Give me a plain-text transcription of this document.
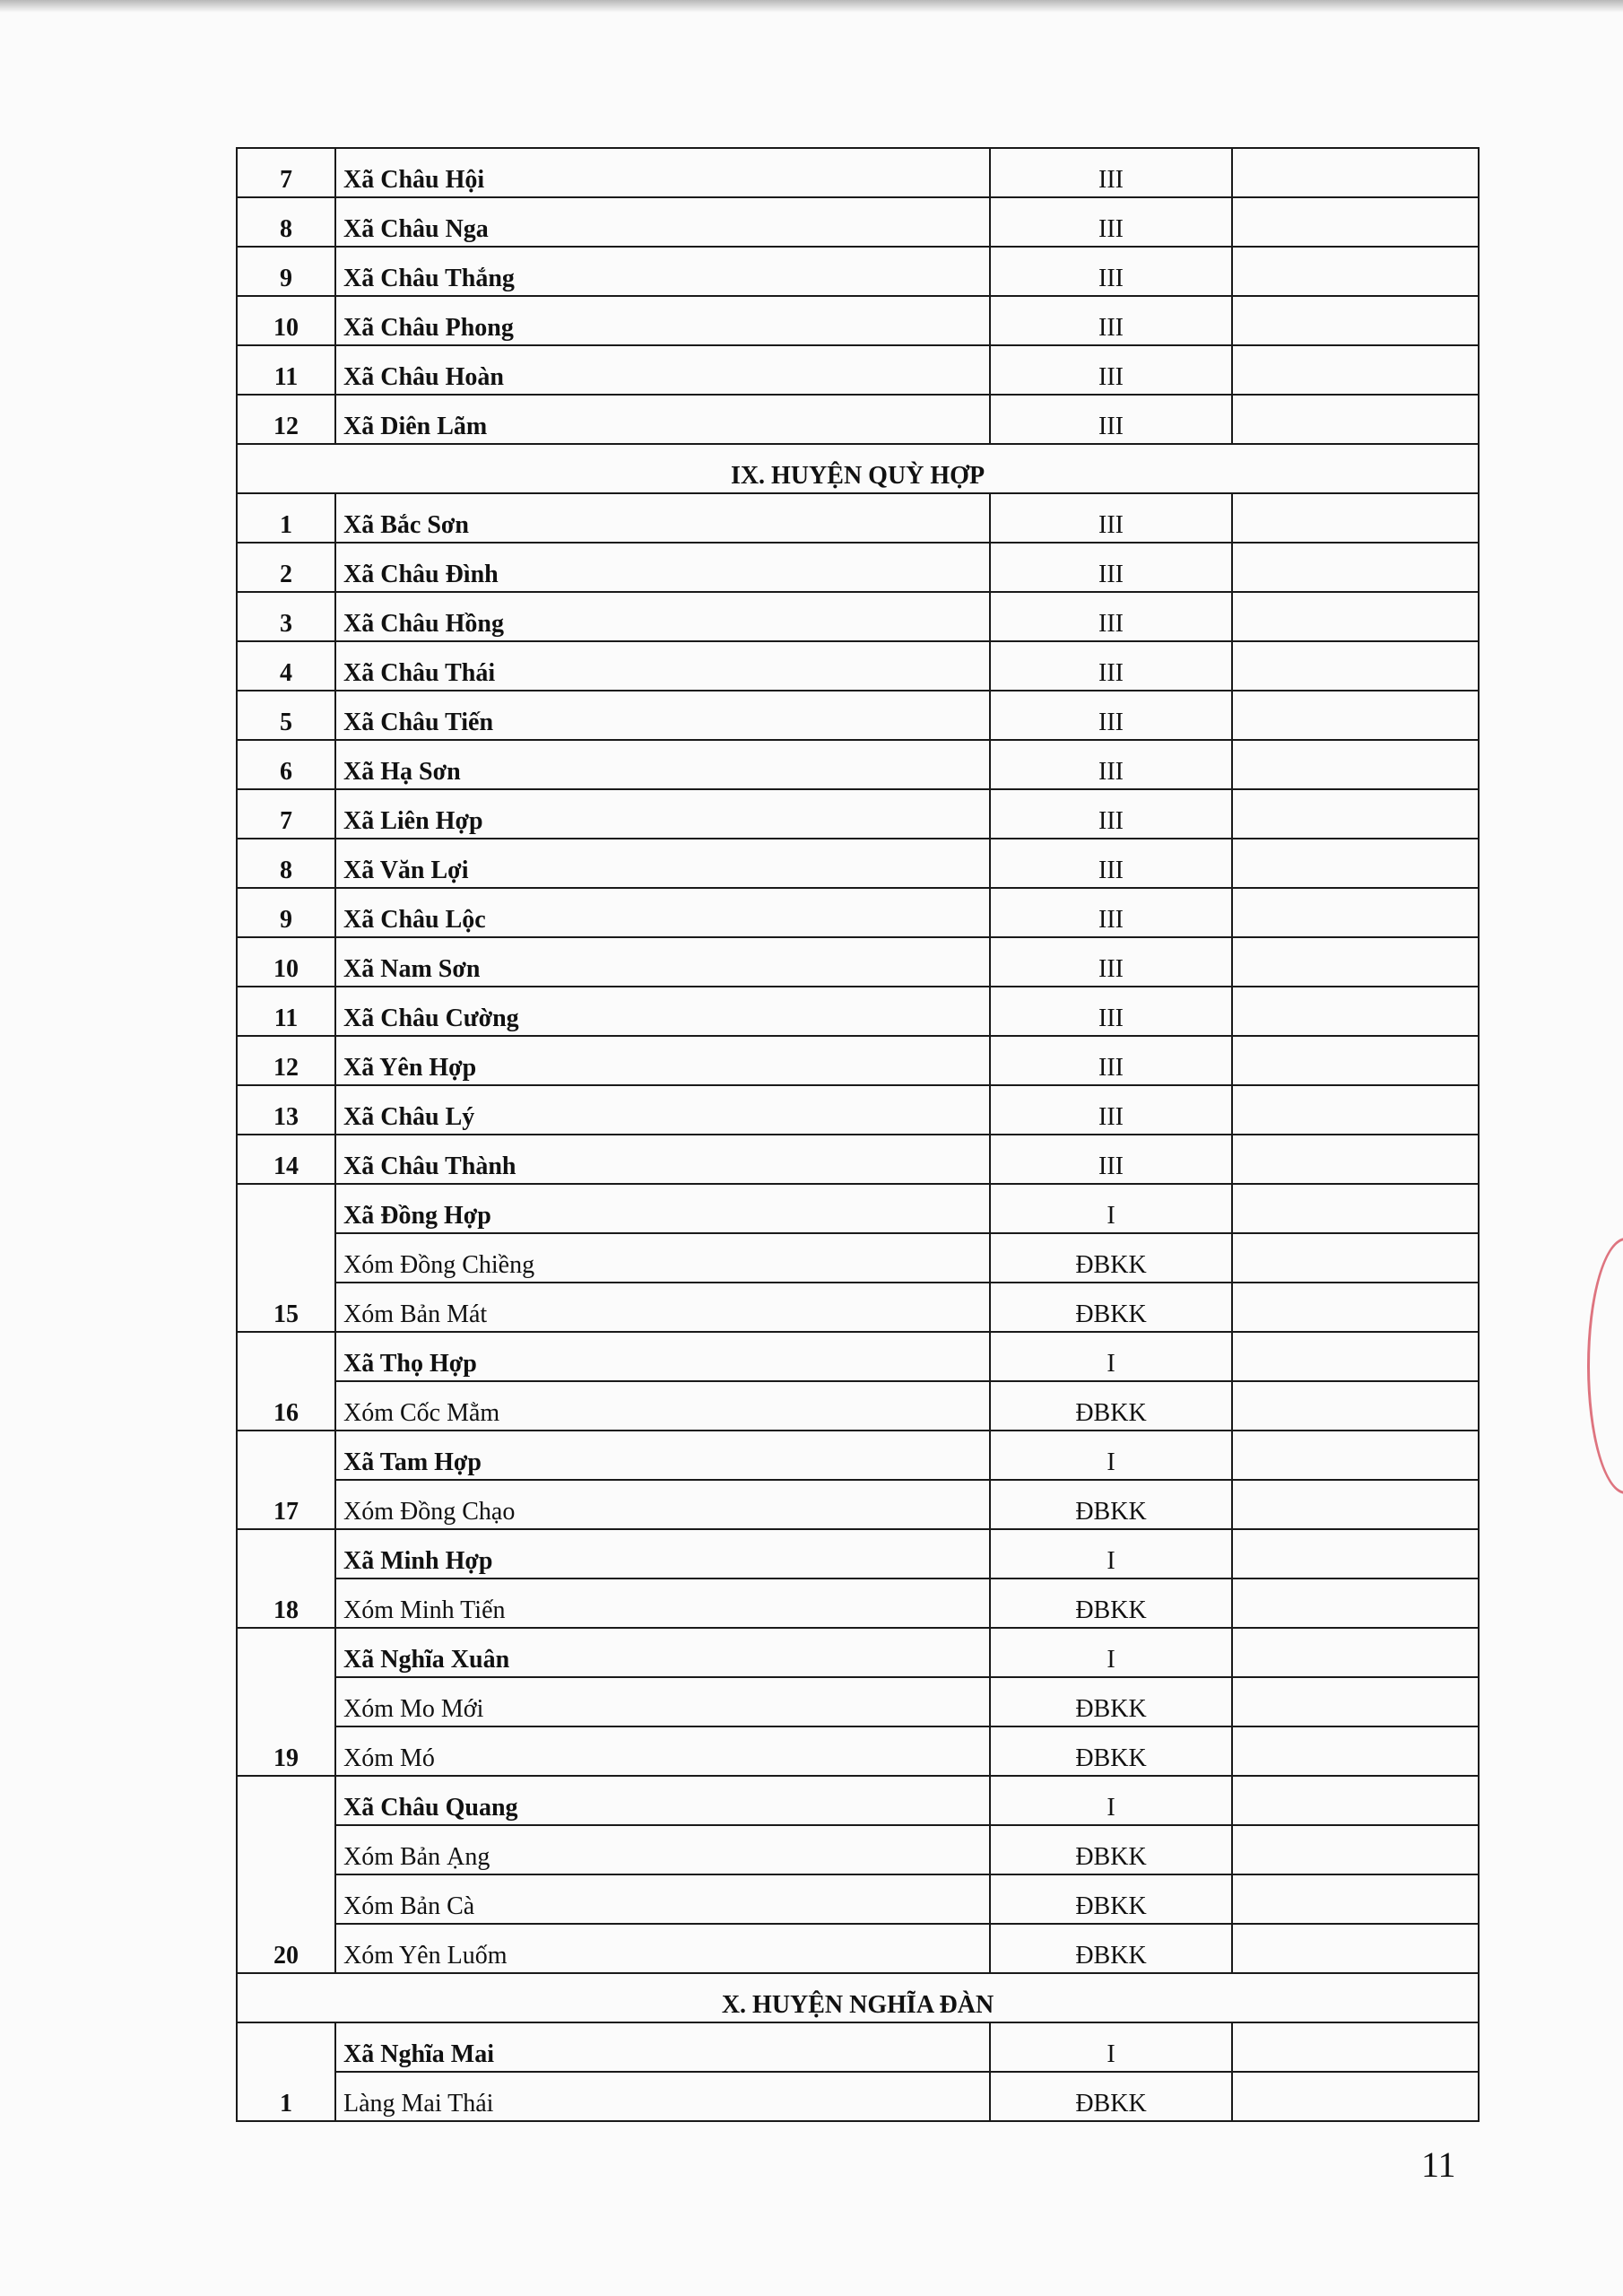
7	Xã Châu Hội	III	
8	Xã Châu Nga	III	
9	Xã Châu Thắng	III	
10	Xã Châu Phong	III	
11	Xã Châu Hoàn	III	
12	Xã Diên Lãm	III	
IX. HUYỆN QUỲ HỢP			
1	Xã Bắc Sơn	III	
2	Xã Châu Đình	III	
3	Xã Châu Hồng	III	
4	Xã Châu Thái	III	
5	Xã Châu Tiến	III	
6	Xã Hạ Sơn	III	
7	Xã Liên Hợp	III	
8	Xã Văn Lợi	III	
9	Xã Châu Lộc	III	
10	Xã Nam Sơn	III	
11	Xã Châu Cường	III	
12	Xã Yên Hợp	III	
13	Xã Châu Lý	III	
14	Xã Châu Thành	III	
15	Xã Đồng Hợp	I	
	Xóm Đồng Chiềng	ĐBKK	
	Xóm Bản Mát	ĐBKK	
16	Xã Thọ Hợp	I	
	Xóm Cốc Mằm	ĐBKK	
17	Xã Tam Hợp	I	
	Xóm Đồng Chạo	ĐBKK	
18	Xã Minh Hợp	I	
	Xóm Minh Tiến	ĐBKK	
19	Xã Nghĩa Xuân	I	
	Xóm Mo Mới	ĐBKK	
	Xóm Mó	ĐBKK	
20	Xã Châu Quang	I	
	Xóm Bản Ạng	ĐBKK	
	Xóm Bản Cà	ĐBKK	
	Xóm Yên Luốm	ĐBKK	
X. HUYỆN NGHĨA ĐÀN			
1	Xã Nghĩa Mai	I	
	Làng Mai Thái	ĐBKK	
11
